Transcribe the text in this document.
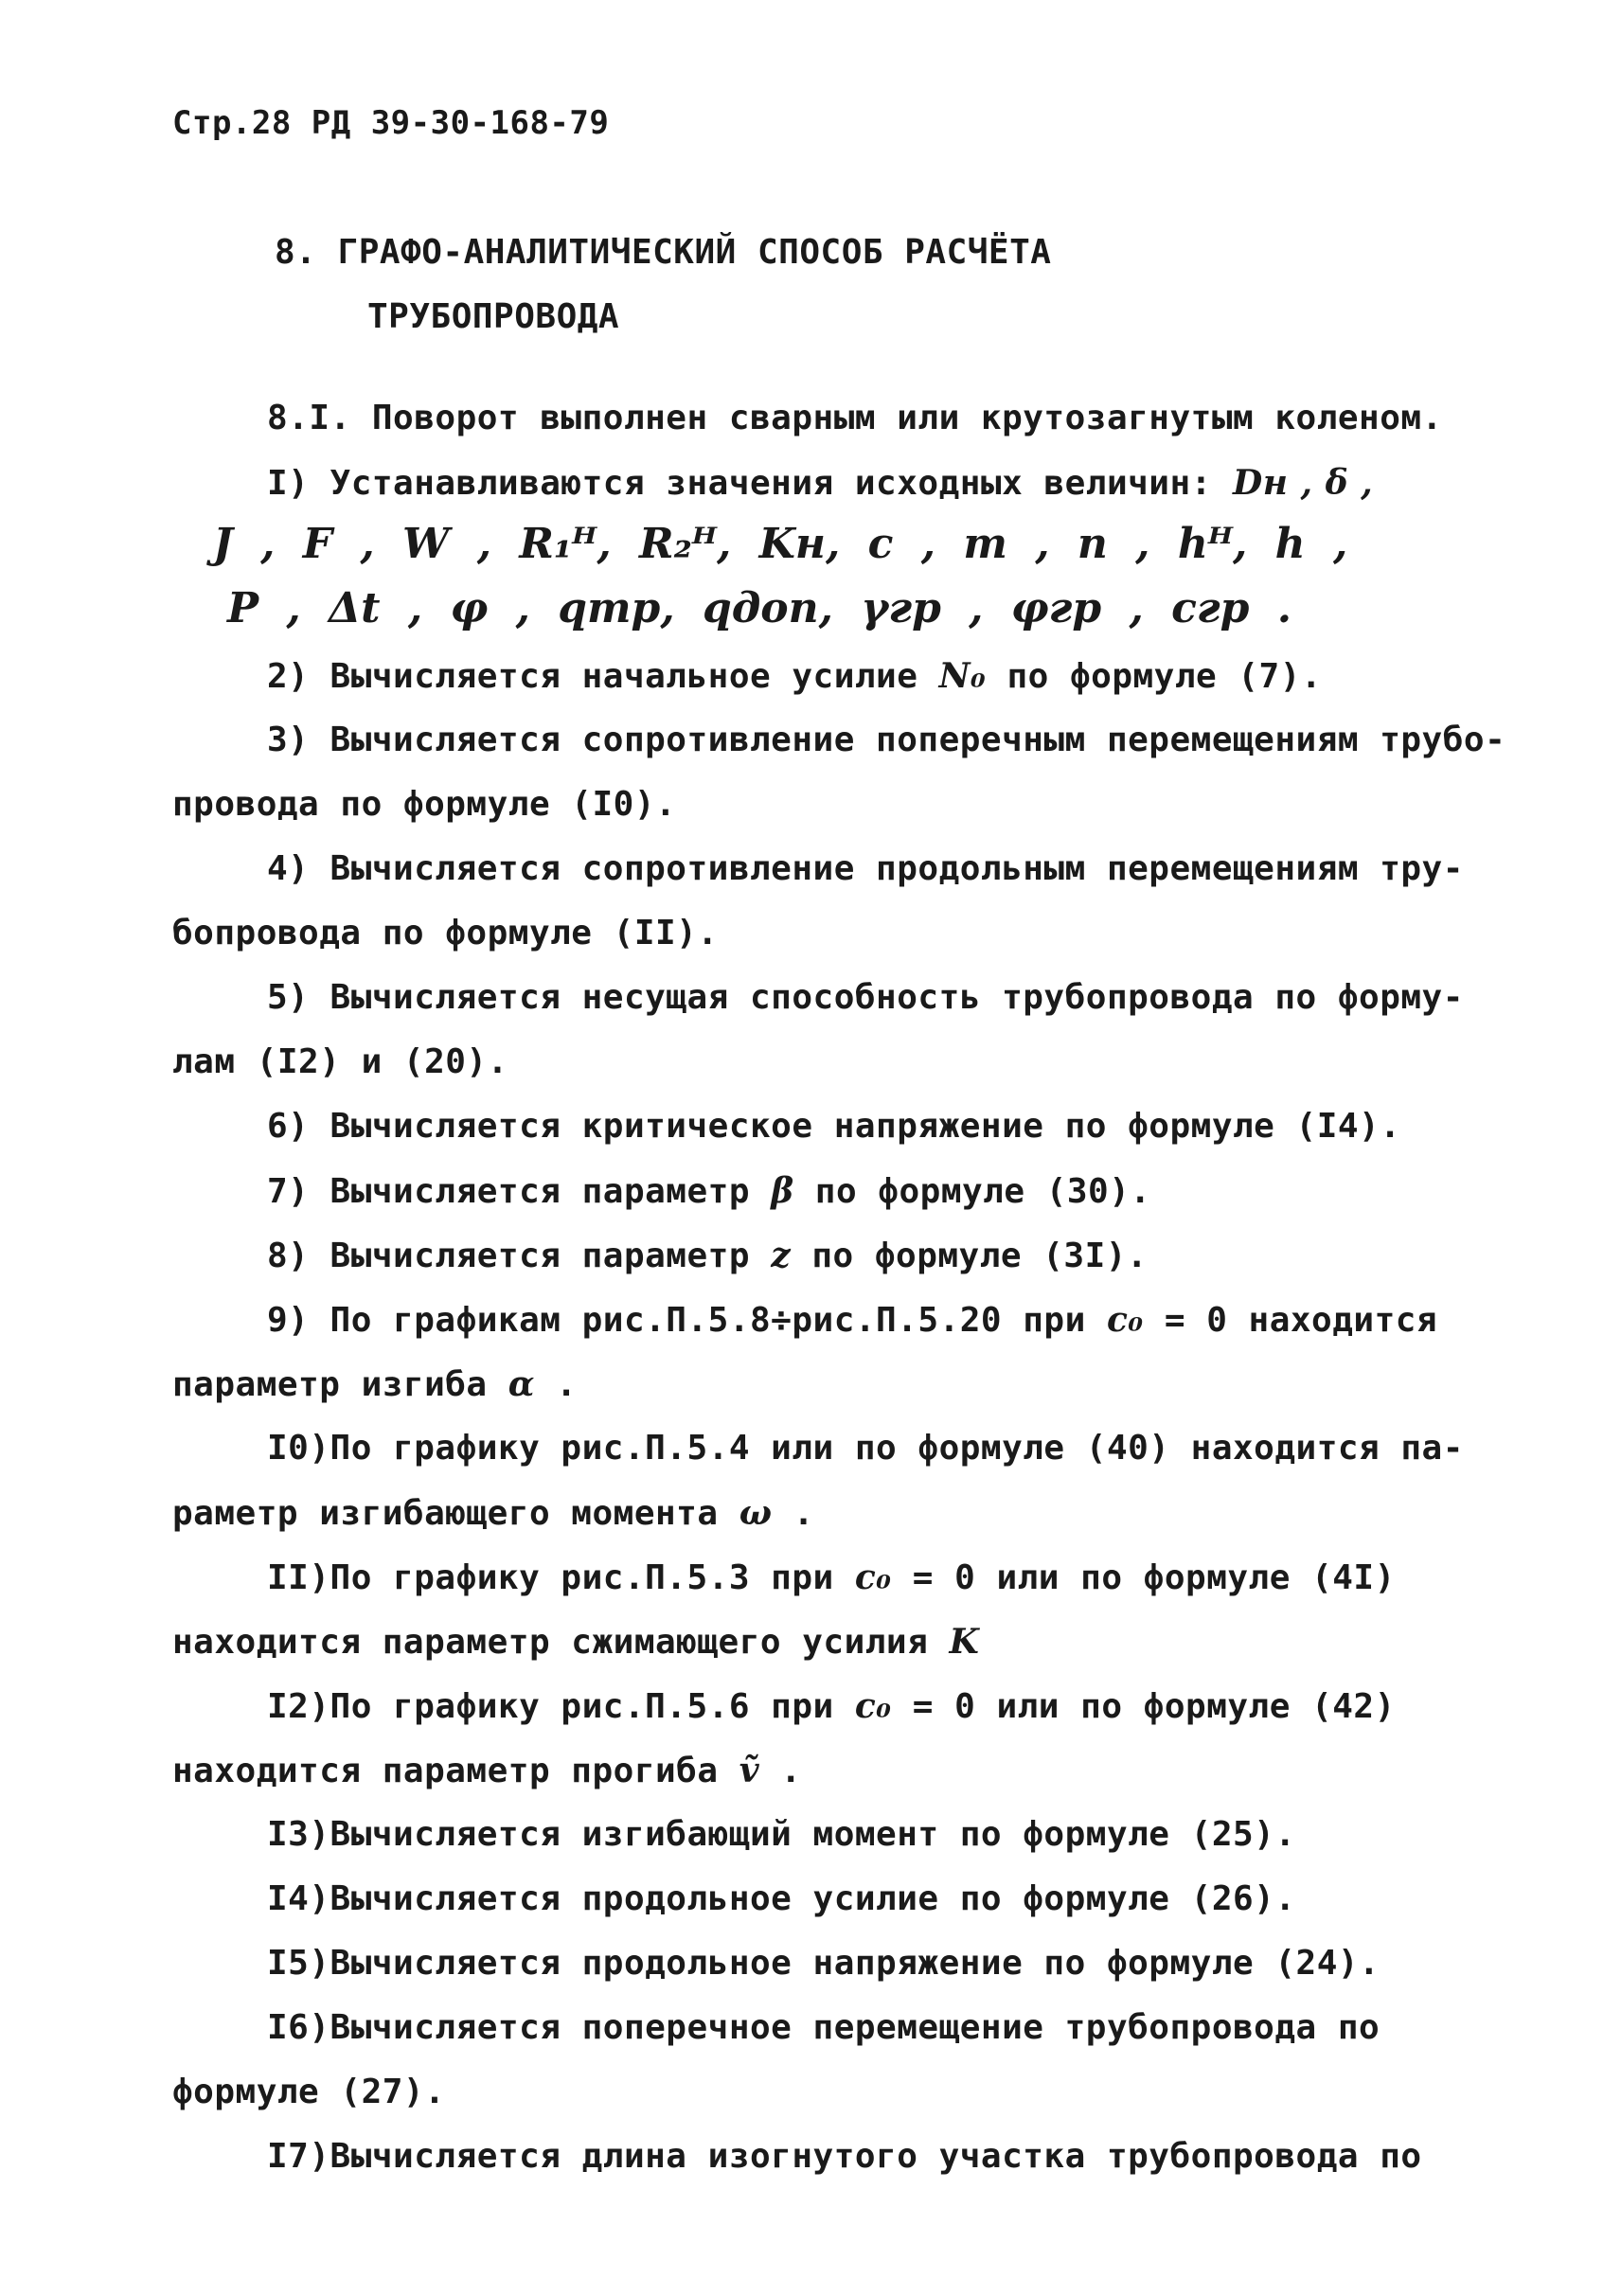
Стр.28 РД 39-30-168-79
8. ГРАФО-АНАЛИТИЧЕСКИЙ СПОСОБ РАСЧЁТА
ТРУБОПРОВОДА
8.I. Поворот выполнен сварным или крутозагнутым коленом.
I) Устанавливаются значения исходных величин: Dн , δ ,
J , F , W , R₁ᴴ, R₂ᴴ, Kн, c , m , n , hᴴ, h ,
P , Δt , φ , qтр, qдоп, γгр , φгр , cгр .
2) Вычисляется начальное усилие N₀ по формуле (7).
3) Вычисляется сопротивление поперечным перемещениям трубо-
провода по формуле (I0).
4) Вычисляется сопротивление продольным перемещениям тру-
бопровода по формуле (II).
5) Вычисляется несущая способность трубопровода по форму-
лам (I2) и (20).
6) Вычисляется критическое напряжение по формуле (I4).
7) Вычисляется параметр β по формуле (30).
8) Вычисляется параметр z по формуле (3I).
9) По графикам рис.П.5.8÷рис.П.5.20 при c₀ = 0 находится
параметр изгиба α .
I0)По графику рис.П.5.4 или по формуле (40) находится па-
раметр изгибающего момента ω .
II)По графику рис.П.5.3 при c₀ = 0 или по формуле (4I)
находится параметр сжимающего усилия K
I2)По графику рис.П.5.6 при c₀ = 0 или по формуле (42)
находится параметр прогиба ṽ .
I3)Вычисляется изгибающий момент по формуле (25).
I4)Вычисляется продольное усилие по формуле (26).
I5)Вычисляется продольное напряжение по формуле (24).
I6)Вычисляется поперечное перемещение трубопровода по
формуле (27).
I7)Вычисляется длина изогнутого участка трубопровода по
